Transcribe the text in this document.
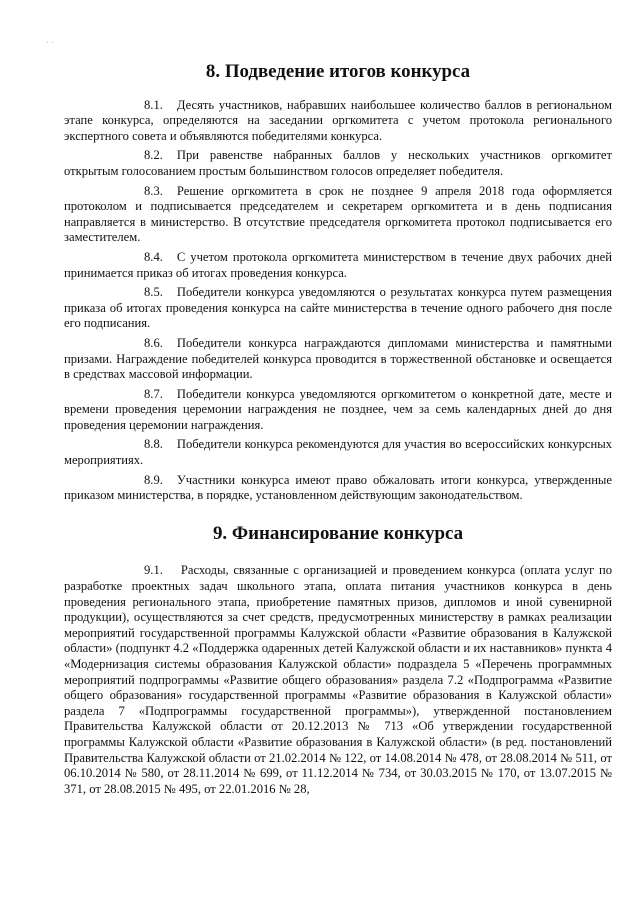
· ·
8. Подведение итогов конкурса

8.1. Десять участников, набравших наибольшее количество баллов в региональном этапе конкурса, определяются на заседании оргкомитета с учетом протокола регионального экспертного совета и объявляются победителями конкурса.

8.2. При равенстве набранных баллов у нескольких участников оргкомитет открытым голосованием простым большинством голосов определяет победителя.

8.3. Решение оргкомитета в срок не позднее 9 апреля 2018 года оформляется протоколом и подписывается председателем и секретарем оргкомитета и в день подписания направляется в министерство. В отсутствие председателя оргкомитета протокол подписывается его заместителем.

8.4. С учетом протокола оргкомитета министерством в течение двух рабочих дней принимается приказ об итогах проведения конкурса.

8.5. Победители конкурса уведомляются о результатах конкурса путем размещения приказа об итогах проведения конкурса на сайте министерства в течение одного рабочего дня после его подписания.

8.6. Победители конкурса награждаются дипломами министерства и памятными призами. Награждение победителей конкурса проводится в торжественной обстановке и освещается в средствах массовой информации.

8.7. Победители конкурса уведомляются оргкомитетом о конкретной дате, месте и времени проведения церемонии награждения не позднее, чем за семь календарных дней до дня проведения церемонии награждения.

8.8. Победители конкурса рекомендуются для участия во всероссийских конкурсных мероприятиях.

8.9. Участники конкурса имеют право обжаловать итоги конкурса, утвержденные приказом министерства, в порядке, установленном действующим законодательством.

9. Финансирование конкурса

9.1. Расходы, связанные с организацией и проведением конкурса (оплата услуг по разработке проектных задач школьного этапа, оплата питания участников конкурса в день проведения регионального этапа, приобретение памятных призов, дипломов и иной сувенирной продукции), осуществляются за счет средств, предусмотренных министерству в рамках реализации мероприятий государственной программы Калужской области «Развитие образования в Калужской области» (подпункт 4.2 «Поддержка одаренных детей Калужской области и их наставников» пункта 4 «Модернизация системы образования Калужской области» подраздела 5 «Перечень программных мероприятий подпрограммы «Развитие общего образования» раздела 7.2 «Подпрограмма «Развитие общего образования» государственной программы «Развитие образования в Калужской области» раздела 7 «Подпрограммы государственной программы»), утвержденной постановлением Правительства Калужской области от 20.12.2013 № 713 «Об утверждении государственной программы Калужской области «Развитие образования в Калужской области» (в ред. постановлений Правительства Калужской области от 21.02.2014 № 122, от 14.08.2014 № 478, от 28.08.2014 № 511, от 06.10.2014 № 580, от 28.11.2014 № 699, от 11.12.2014 № 734, от 30.03.2015 № 170, от 13.07.2015 № 371, от 28.08.2015 № 495, от 22.01.2016 № 28,
